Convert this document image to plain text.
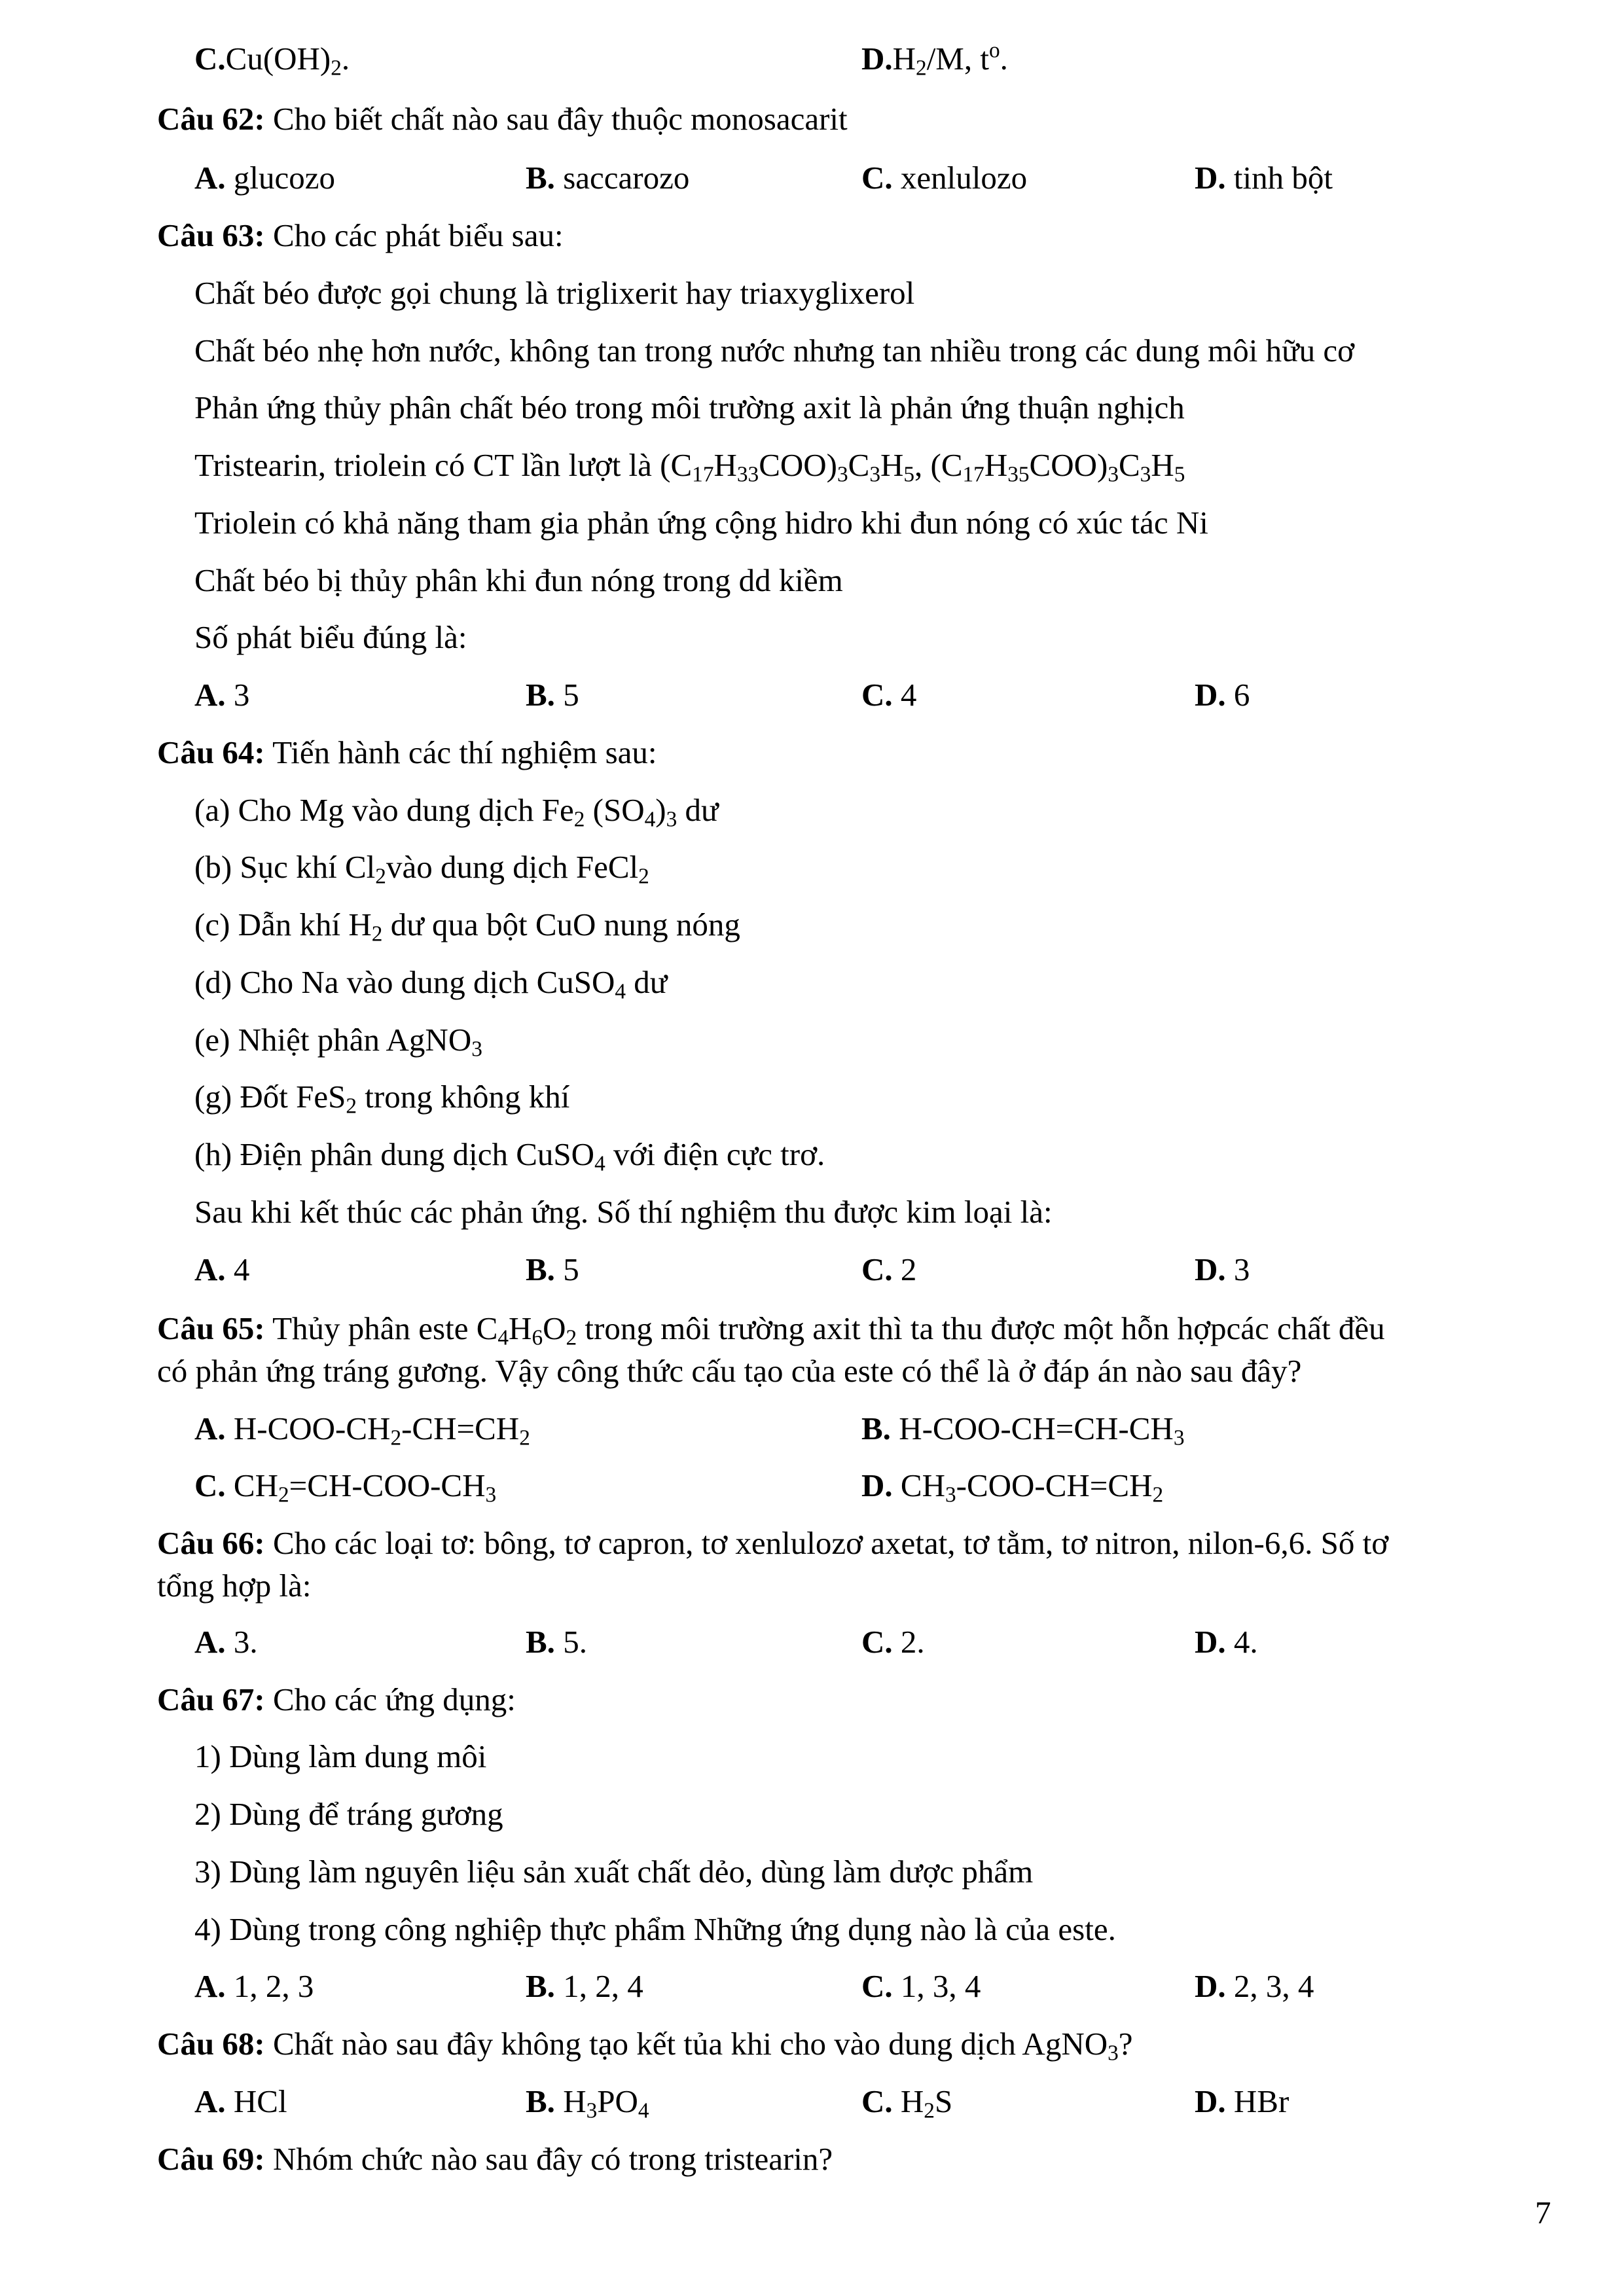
$C.Cu(OH)_2$.	$D.H_2/M$, $t^o$.
Câu 62: Cho biết chất nào sau đây thuộc monosacarit
A. glucozo	B. saccarozo	C. xenlulozo	D. tinh bột
Câu 63: Cho các phát biểu sau:
Chất béo được gọi chung là triglixerit hay triaxyglixerol
Chất béo nhẹ hơn nước, không tan trong nước nhưng tan nhiều trong các dung môi hữu cơ
Phản ứng thủy phân chất béo trong môi trường axit là phản ứng thuận nghịch
Tristearin, triolein có CT lần lượt là $(C_{17}H_{33}COO)_3C_3H_5$, $(C_{17}H_{35}COO)_3C_3H_5$
Triolein có khả năng tham gia phản ứng cộng hidro khi đun nóng có xúc tác Ni
Chất béo bị thủy phân khi đun nóng trong dd kiềm
Số phát biểu đúng là:
A. 3	B. 5	C. 4	D. 6
Câu 64: Tiến hành các thí nghiệm sau:
(a) Cho Mg vào dung dịch $Fe_2$ $(SO_4)_3$ dư
(b) Sục khí $Cl_2vào$ dung dịch FeCl$_2$
(c) Dẫn khí $H_2$ dư qua bột CuO nung nóng
(d) Cho Na vào dung dịch CuSO$_4$ dư
(e) Nhiệt phân AgNO$_3$
(g) Đốt FeS$_2$ trong không khí
(h) Điện phân dung dịch CuSO$_4$ với điện cực trơ.
Sau khi kết thúc các phản ứng. Số thí nghiệm thu được kim loại là:
A. 4	B. 5	C. 2	D. 3
Câu 65: Thủy phân este $C_4H_6O_2$ trong môi trường axit thì ta thu được một hỗn hợpcác chất đều
có phản ứng tráng gương. Vậy công thức cấu tạo của este có thể là ở đáp án nào sau đây?
A. $H-COO-CH_2-CH=CH_2$	B. $H-COO-CH=CH-CH_3$
C. $CH_2=CH-COO-CH_3$	D. $CH_3-COO-CH=CH_2$
Câu 66: Cho các loại tơ: bông, tơ capron, tơ xenlulozơ axetat, tơ tằm, tơ nitron, nilon-6,6. Số tơ
tổng hợp là:
A. 3.	B. 5.	C. 2.	D. 4.
Câu 67: Cho các ứng dụng:
1) Dùng làm dung môi
2) Dùng để tráng gương
3) Dùng làm nguyên liệu sản xuất chất dẻo, dùng làm dược phẩm
4) Dùng trong công nghiệp thực phẩm Những ứng dụng nào là của este.
A. 1, 2, 3	B. 1, 2, 4	C. 1, 3, 4	D. 2, 3, 4
Câu 68: Chất nào sau đây không tạo kết tủa khi cho vào dung dịch AgNO$_3$?
A. HCl	B. $H_3PO_4$	C. $H_2S$	D. HBr
Câu 69: Nhóm chức nào sau đây có trong tristearin?
7
